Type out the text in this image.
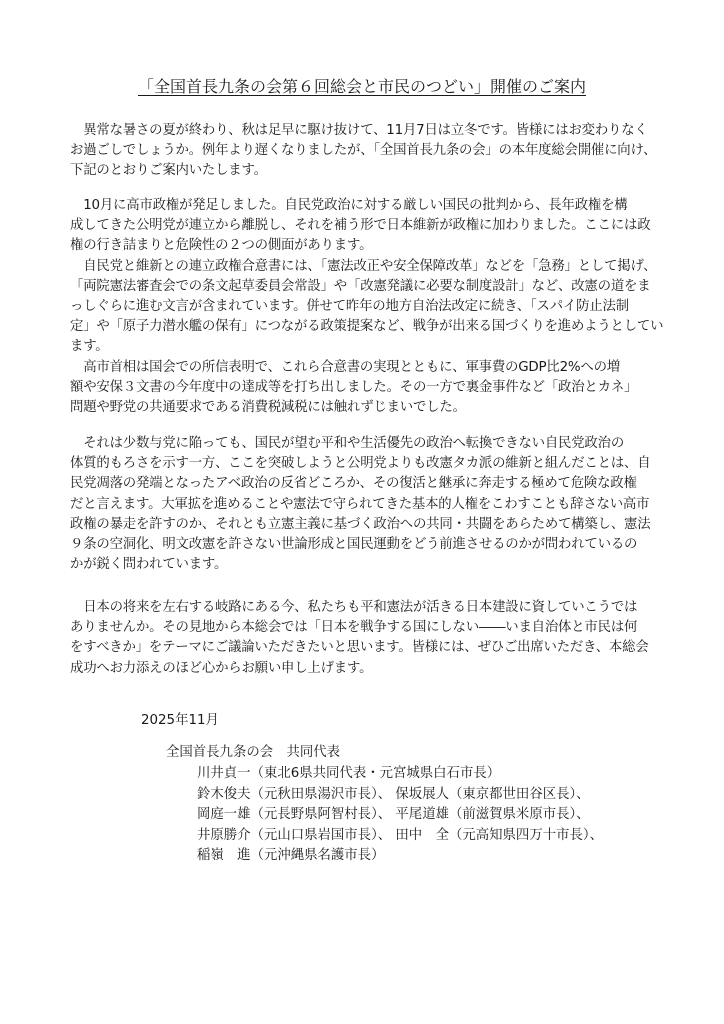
「全国首長九条の会第６回総会と市民のつどい」開催のご案内
　異常な暑さの夏が終わり、秋は足早に駆け抜けて、11月7日は立冬です。皆様にはお変わりなく
お過ごしでしょうか。例年より遅くなりましたが、「全国首長九条の会」の本年度総会開催に向け、
下記のとおりご案内いたします。
　10月に高市政権が発足しました。自民党政治に対する厳しい国民の批判から、長年政権を構
成してきた公明党が連立から離脱し、それを補う形で日本維新が政権に加わりました。ここには政
権の行き詰まりと危険性の２つの側面があります。
　自民党と維新との連立政権合意書には、「憲法改正や安全保障改革」などを「急務」として掲げ、
「両院憲法審査会での条文起草委員会常設」や「改憲発議に必要な制度設計」など、改憲の道をま
っしぐらに進む文言が含まれています。併せて昨年の地方自治法改定に続き、「スパイ防止法制
定」や「原子力潜水艦の保有」につながる政策提案など、戦争が出来る国づくりを進めようとしてい
ます。
　高市首相は国会での所信表明で、これら合意書の実現とともに、軍事費のGDP比2%への増
額や安保３文書の今年度中の達成等を打ち出しました。その一方で裏金事件など「政治とカネ」
問題や野党の共通要求である消費税減税には触れずじまいでした。
　それは少数与党に陥っても、国民が望む平和や生活優先の政治へ転換できない自民党政治の
体質的もろさを示す一方、ここを突破しようと公明党よりも改憲タカ派の維新と組んだことは、自
民党凋落の発端となったアベ政治の反省どころか、その復活と継承に奔走する極めて危険な政権
だと言えます。大軍拡を進めることや憲法で守られてきた基本的人権をこわすことも辞さない高市
政権の暴走を許すのか、それとも立憲主義に基づく政治への共同・共闘をあらためて構築し、憲法
９条の空洞化、明文改憲を許さない世論形成と国民運動をどう前進させるのかが問われているの
かが鋭く問われています。
　日本の将来を左右する岐路にある今、私たちも平和憲法が活きる日本建設に資していこうでは
ありませんか。その見地から本総会では「日本を戦争する国にしない――いま自治体と市民は何
をすべきか」をテーマにご議論いただきたいと思います。皆様には、ぜひご出席いただき、本総会
成功へお力添えのほど心からお願い申し上げます。
2025年11月
全国首長九条の会　共同代表
川井貞一（東北6県共同代表・元宮城県白石市長）
鈴木俊夫（元秋田県湯沢市長）、 保坂展人（東京都世田谷区長）、
岡庭一雄（元長野県阿智村長）、 平尾道雄（前滋賀県米原市長）、
井原勝介（元山口県岩国市長）、 田中　全（元高知県四万十市長）、
稲嶺　進（元沖縄県名護市長）
